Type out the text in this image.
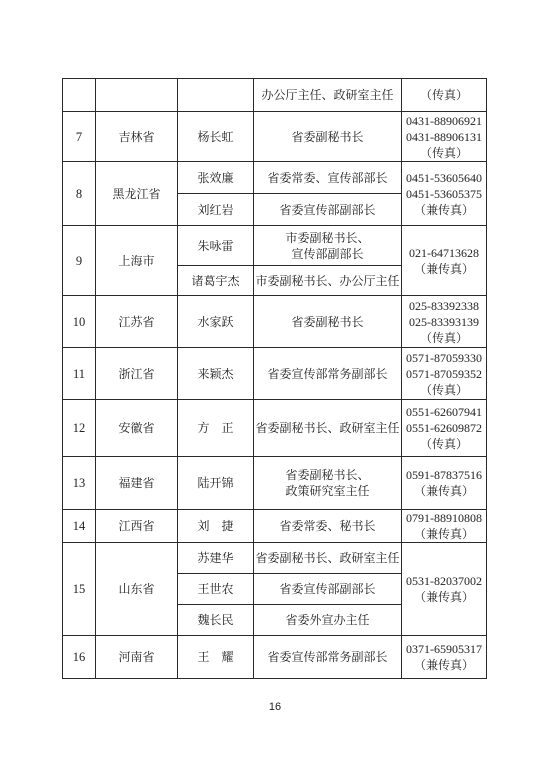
			办公厅主任、政研室主任	（传真）

7	吉林省	杨长虹	省委副秘书长	0431-88906921
0431-88906131
（传真）

8	黑龙江省	张效廉	省委常委、宣传部部长	0451-53605640
0451-53605375
（兼传真）

		刘红岩	省委宣传部副部长	

9	上海市	朱咏雷	市委副秘书长、
宣传部副部长	021-64713628
（兼传真）

		诸葛宇杰	市委副秘书长、办公厅主任	

10	江苏省	水家跃	省委副秘书长	025-83392338
025-83393139
（传真）

11	浙江省	来颖杰	省委宣传部常务副部长	0571-87059330
0571-87059352
（传真）

12	安徽省	方　正	省委副秘书长、政研室主任	0551-62607941
0551-62609872
（传真）

13	福建省	陆开锦	省委副秘书长、
政策研究室主任	0591-87837516
（兼传真）

14	江西省	刘　捷	省委常委、秘书长	0791-88910808
（兼传真）

15	山东省	苏建华	省委副秘书长、政研室主任	0531-82037002
（兼传真）

		王世农	省委宣传部副部长	

		魏长民	省委外宣办主任	

16	河南省	王　耀	省委宣传部常务副部长	0371-65905317
（兼传真）
16
